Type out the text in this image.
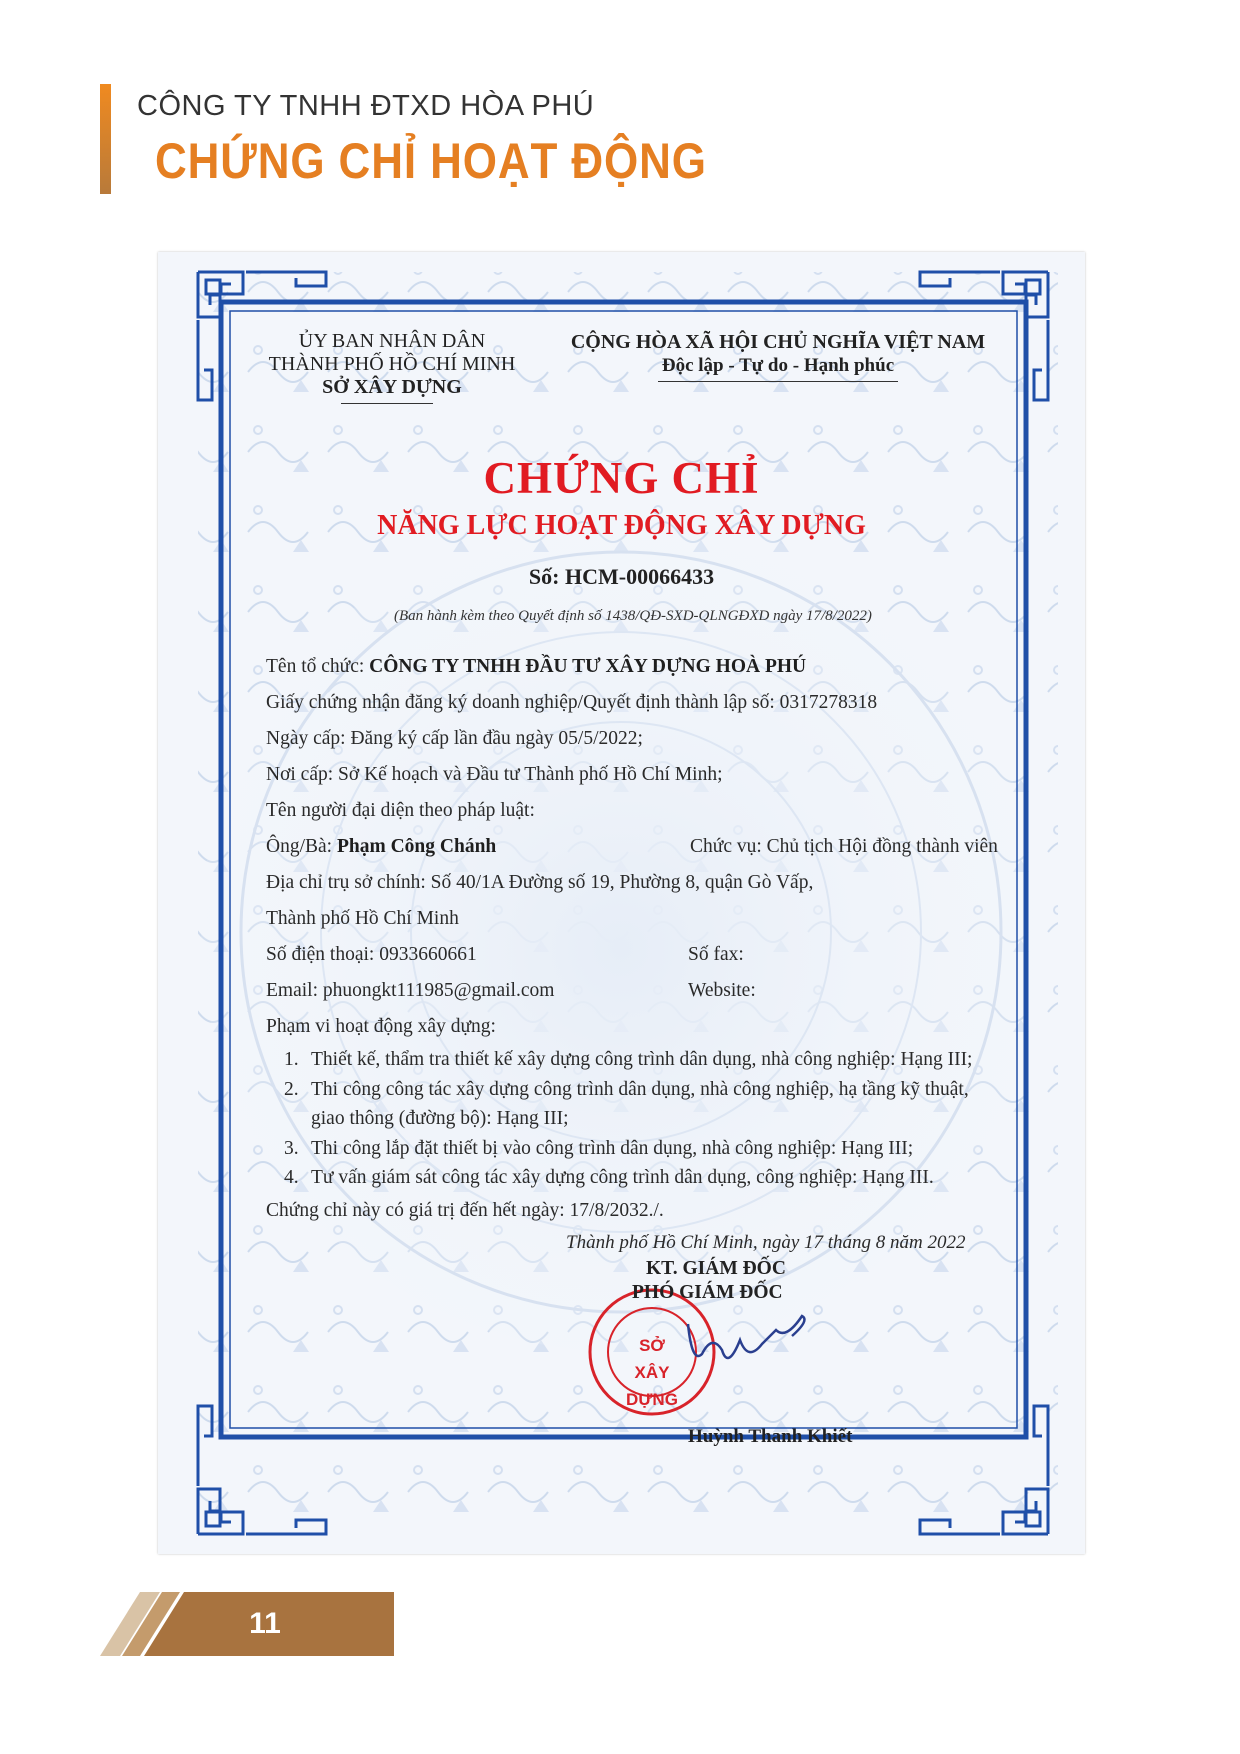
CÔNG TY TNHH ĐTXD HÒA PHÚ
CHỨNG CHỈ HOẠT ĐỘNG
ỦY BAN NHÂN DÂN
THÀNH PHỐ HỒ CHÍ MINH
SỞ XÂY DỰNG
CỘNG HÒA XÃ HỘI CHỦ NGHĨA VIỆT NAM
Độc lập - Tự do - Hạnh phúc
CHỨNG CHỈ
NĂNG LỰC HOẠT ĐỘNG XÂY DỰNG
Số: HCM-00066433
(Ban hành kèm theo Quyết định số 1438/QĐ-SXD-QLNGĐXD ngày 17/8/2022)
Tên tổ chức: CÔNG TY TNHH ĐẦU TƯ XÂY DỰNG HOÀ PHÚ
Giấy chứng nhận đăng ký doanh nghiệp/Quyết định thành lập số: 0317278318
Ngày cấp: Đăng ký cấp lần đầu ngày 05/5/2022;
Nơi cấp: Sở Kế hoạch và Đầu tư Thành phố Hồ Chí Minh;
Tên người đại diện theo pháp luật:
Ông/Bà: Phạm Công Chánh	Chức vụ: Chủ tịch Hội đồng thành viên
Địa chỉ trụ sở chính: Số 40/1A Đường số 19, Phường 8, quận Gò Vấp,
Thành phố Hồ Chí Minh
Số điện thoại: 0933660661	Số fax:
Email: phuongkt111985@gmail.com	Website:
Phạm vi hoạt động xây dựng:
1. Thiết kế, thẩm tra thiết kế xây dựng công trình dân dụng, nhà công nghiệp: Hạng III;
2. Thi công công tác xây dựng công trình dân dụng, nhà công nghiệp, hạ tầng kỹ thuật,
giao thông (đường bộ): Hạng III;
3. Thi công lắp đặt thiết bị vào công trình dân dụng, nhà công nghiệp: Hạng III;
4. Tư vấn giám sát công tác xây dựng công trình dân dụng, công nghiệp: Hạng III.
Chứng chỉ này có giá trị đến hết ngày: 17/8/2032./.
Thành phố Hồ Chí Minh, ngày 17 tháng 8 năm 2022
KT. GIÁM ĐỐC
PHÓ GIÁM ĐỐC
SỞ
XÂY DỰNG
Huỳnh Thanh Khiết
11
